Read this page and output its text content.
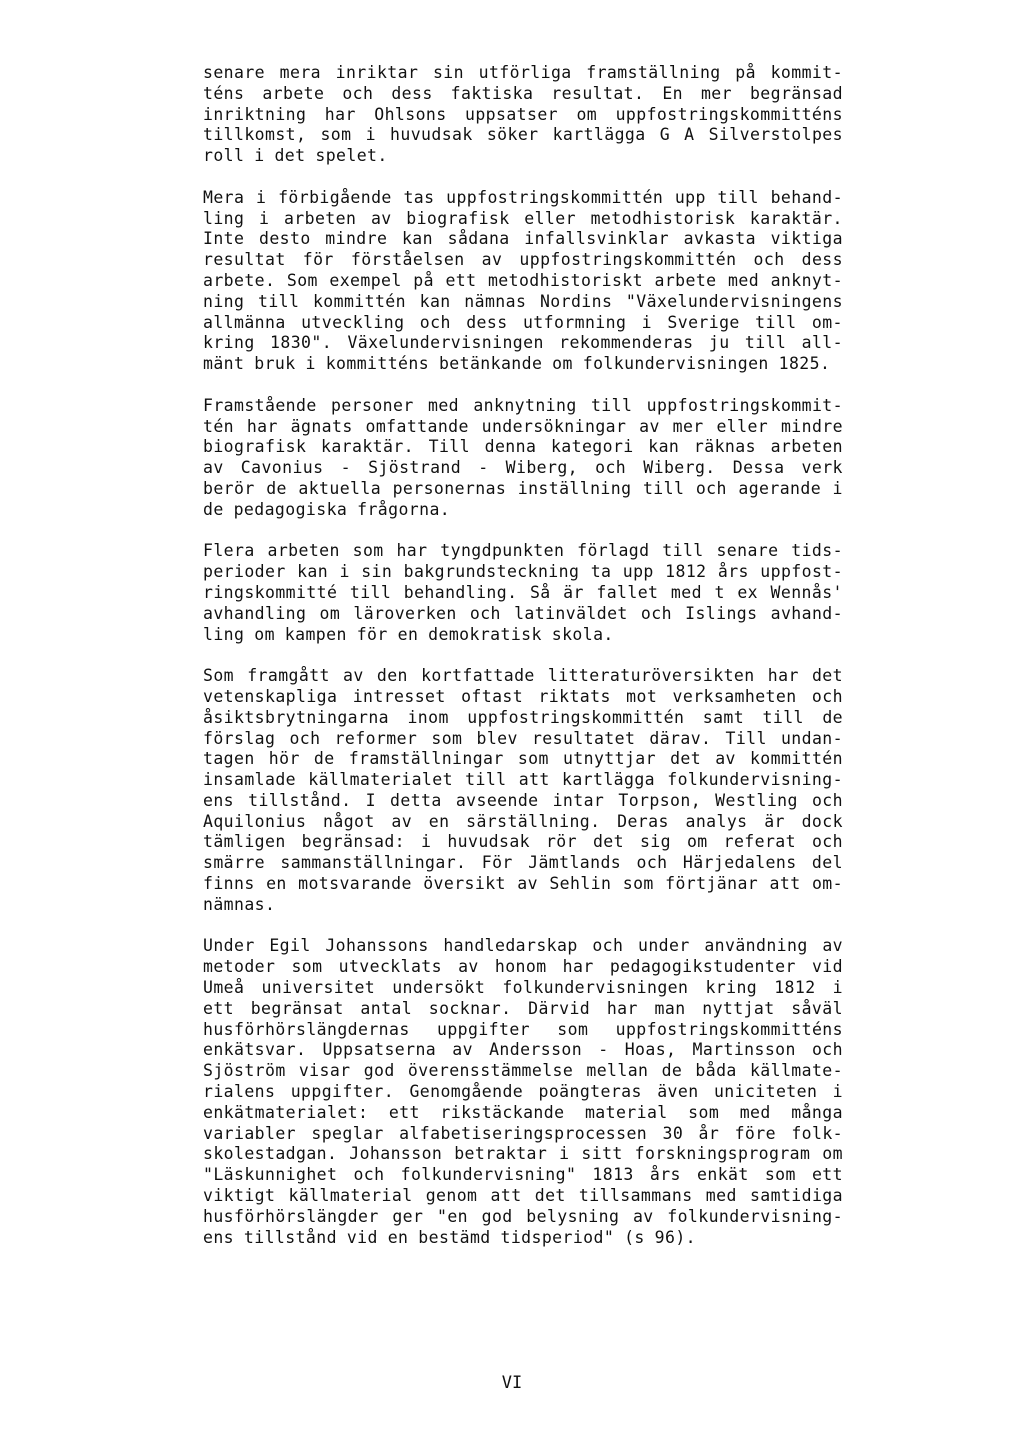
senare mera inriktar sin utförliga framställning på kommit-
téns arbete och dess faktiska resultat. En mer begränsad
inriktning har Ohlsons uppsatser om uppfostringskommitténs
tillkomst, som i huvudsak söker kartlägga G A Silverstolpes
roll i det spelet.
Mera i förbigående tas uppfostringskommittén upp till behand-
ling i arbeten av biografisk eller metodhistorisk karaktär.
Inte desto mindre kan sådana infallsvinklar avkasta viktiga
resultat för förståelsen av uppfostringskommittén och dess
arbete. Som exempel på ett metodhistoriskt arbete med anknyt-
ning till kommittén kan nämnas Nordins "Växelundervisningens
allmänna utveckling och dess utformning i Sverige till om-
kring 1830". Växelundervisningen rekommenderas ju till all-
mänt bruk i kommitténs betänkande om folkundervisningen 1825.
Framstående personer med anknytning till uppfostringskommit-
tén har ägnats omfattande undersökningar av mer eller mindre
biografisk karaktär. Till denna kategori kan räknas arbeten
av Cavonius - Sjöstrand - Wiberg, och Wiberg. Dessa verk
berör de aktuella personernas inställning till och agerande i
de pedagogiska frågorna.
Flera arbeten som har tyngdpunkten förlagd till senare tids-
perioder kan i sin bakgrundsteckning ta upp 1812 års uppfost-
ringskommitté till behandling. Så är fallet med t ex Wennås'
avhandling om läroverken och latinväldet och Islings avhand-
ling om kampen för en demokratisk skola.
Som framgått av den kortfattade litteraturöversikten har det
vetenskapliga intresset oftast riktats mot verksamheten och
åsiktsbrytningarna inom uppfostringskommittén samt till de
förslag och reformer som blev resultatet därav. Till undan-
tagen hör de framställningar som utnyttjar det av kommittén
insamlade källmaterialet till att kartlägga folkundervisning-
ens tillstånd. I detta avseende intar Torpson, Westling och
Aquilonius något av en särställning. Deras analys är dock
tämligen begränsad: i huvudsak rör det sig om referat och
smärre sammanställningar. För Jämtlands och Härjedalens del
finns en motsvarande översikt av Sehlin som förtjänar att om-
nämnas.
Under Egil Johanssons handledarskap och under användning av
metoder som utvecklats av honom har pedagogikstudenter vid
Umeå universitet undersökt folkundervisningen kring 1812 i
ett begränsat antal socknar. Därvid har man nyttjat såväl
husförhörslängdernas uppgifter som uppfostringskommitténs
enkätsvar. Uppsatserna av Andersson - Hoas, Martinsson och
Sjöström visar god överensstämmelse mellan de båda källmate-
rialens uppgifter. Genomgående poängteras även uniciteten i
enkätmaterialet: ett rikstäckande material som med många
variabler speglar alfabetiseringsprocessen 30 år före folk-
skolestadgan. Johansson betraktar i sitt forskningsprogram om
"Läskunnighet och folkundervisning" 1813 års enkät som ett
viktigt källmaterial genom att det tillsammans med samtidiga
husförhörslängder ger "en god belysning av folkundervisning-
ens tillstånd vid en bestämd tidsperiod" (s 96).
VI
